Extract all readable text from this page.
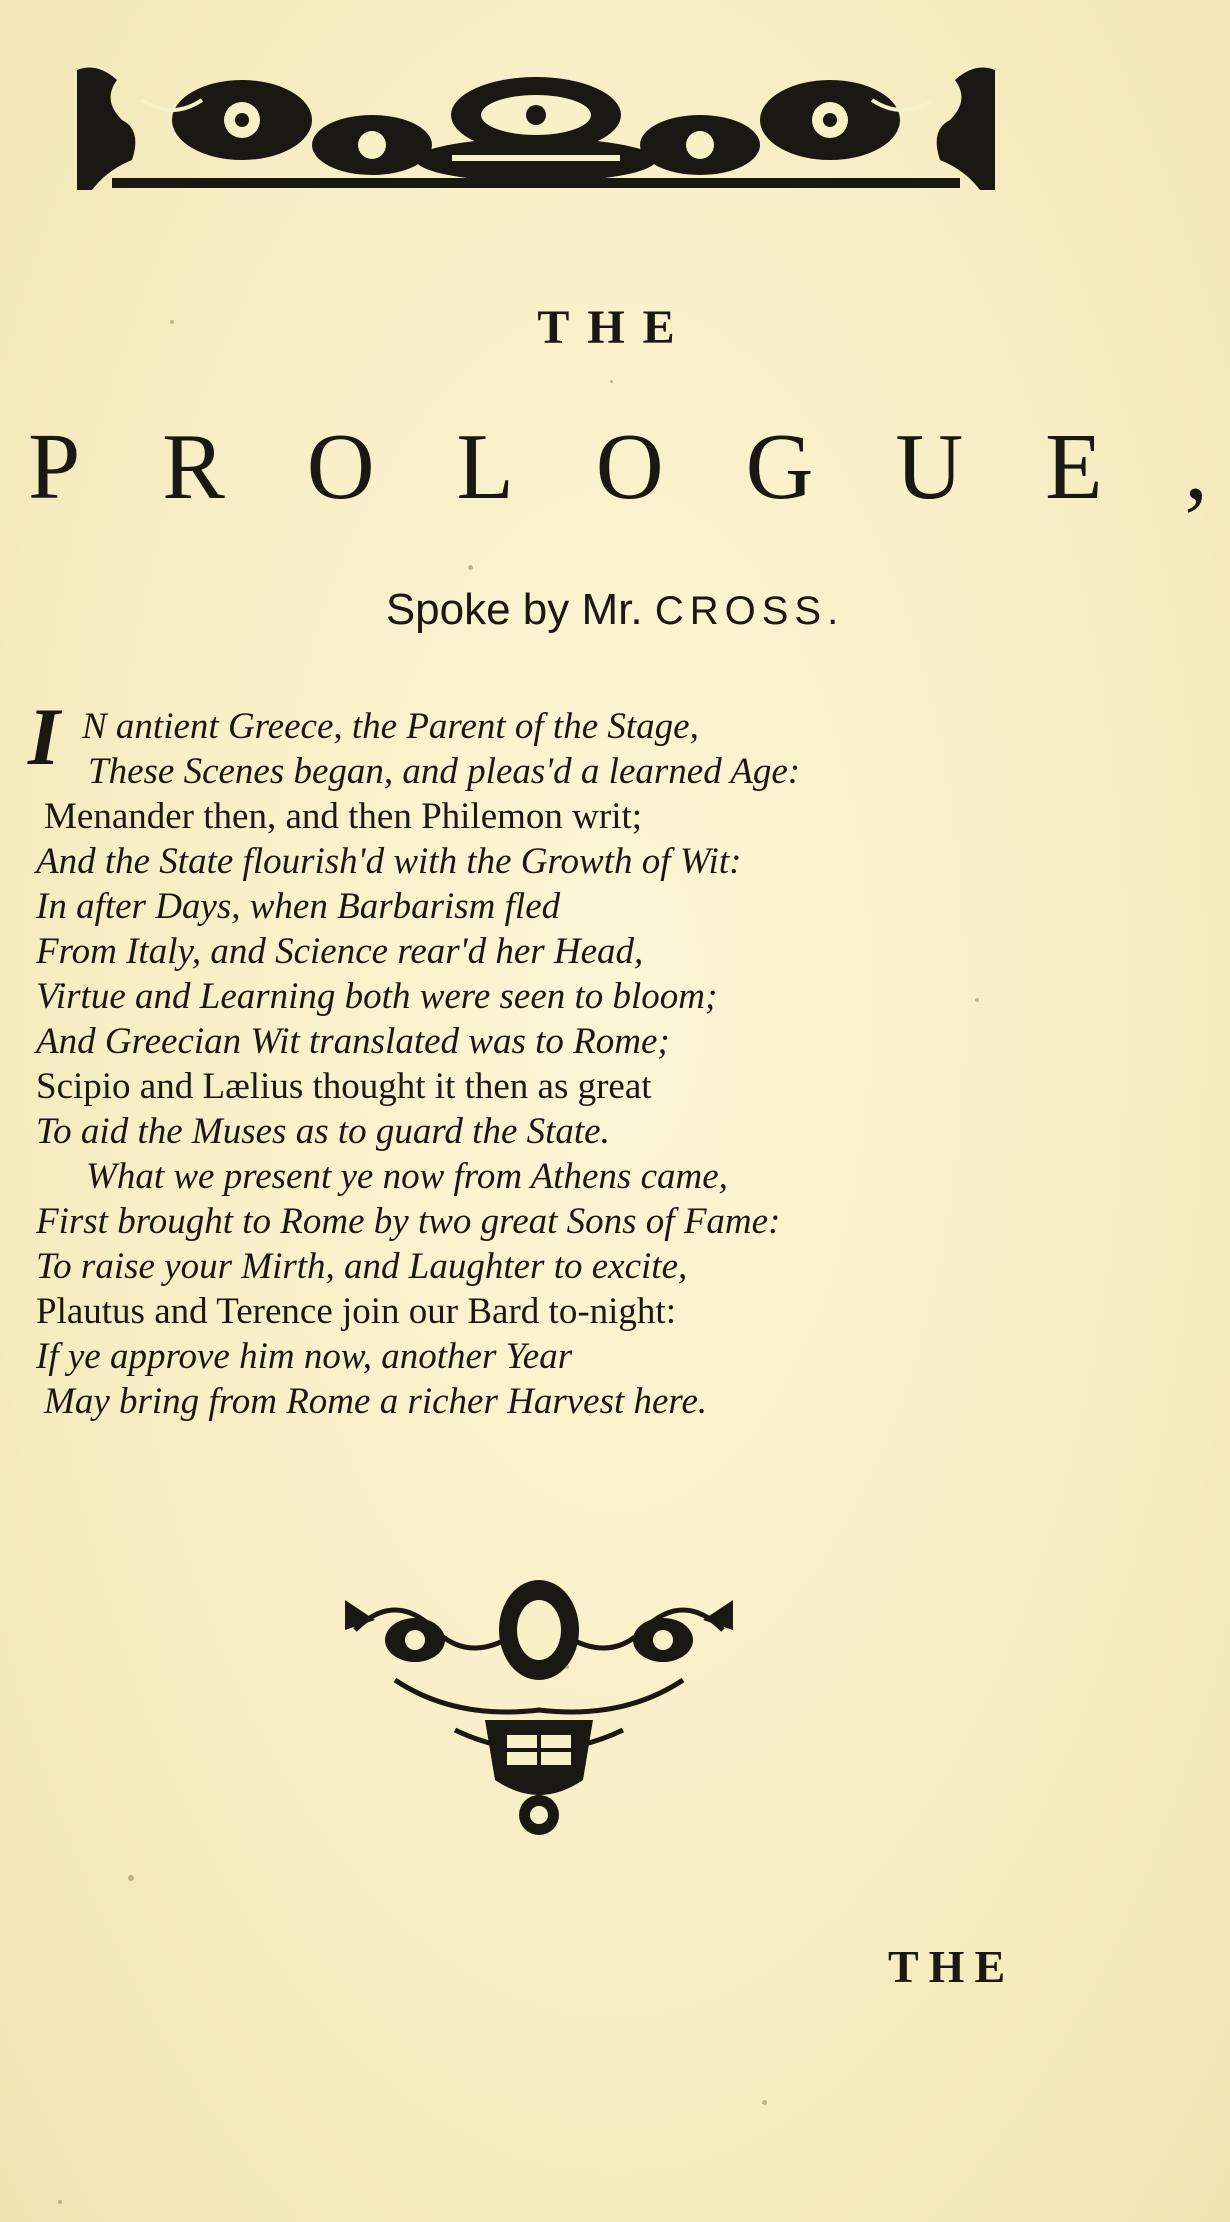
THE
P R O L O G U E ,
Spoke by Mr. CROSS.
I N antient Greece, the Parent of the Stage,
These Scenes began, and pleas'd a learned Age:
Menander then, and then Philemon writ;
And the State flourish'd with the Growth of Wit:
In after Days, when Barbarism fled
From Italy, and Science rear'd her Head,
Virtue and Learning both were seen to bloom;
And Greecian Wit translated was to Rome;
Scipio and Lælius thought it then as great
To aid the Muses as to guard the State.
What we present ye now from Athens came,
First brought to Rome by two great Sons of Fame:
To raise your Mirth, and Laughter to excite,
Plautus and Terence join our Bard to-night:
If ye approve him now, another Year
May bring from Rome a richer Harvest here.
THE
